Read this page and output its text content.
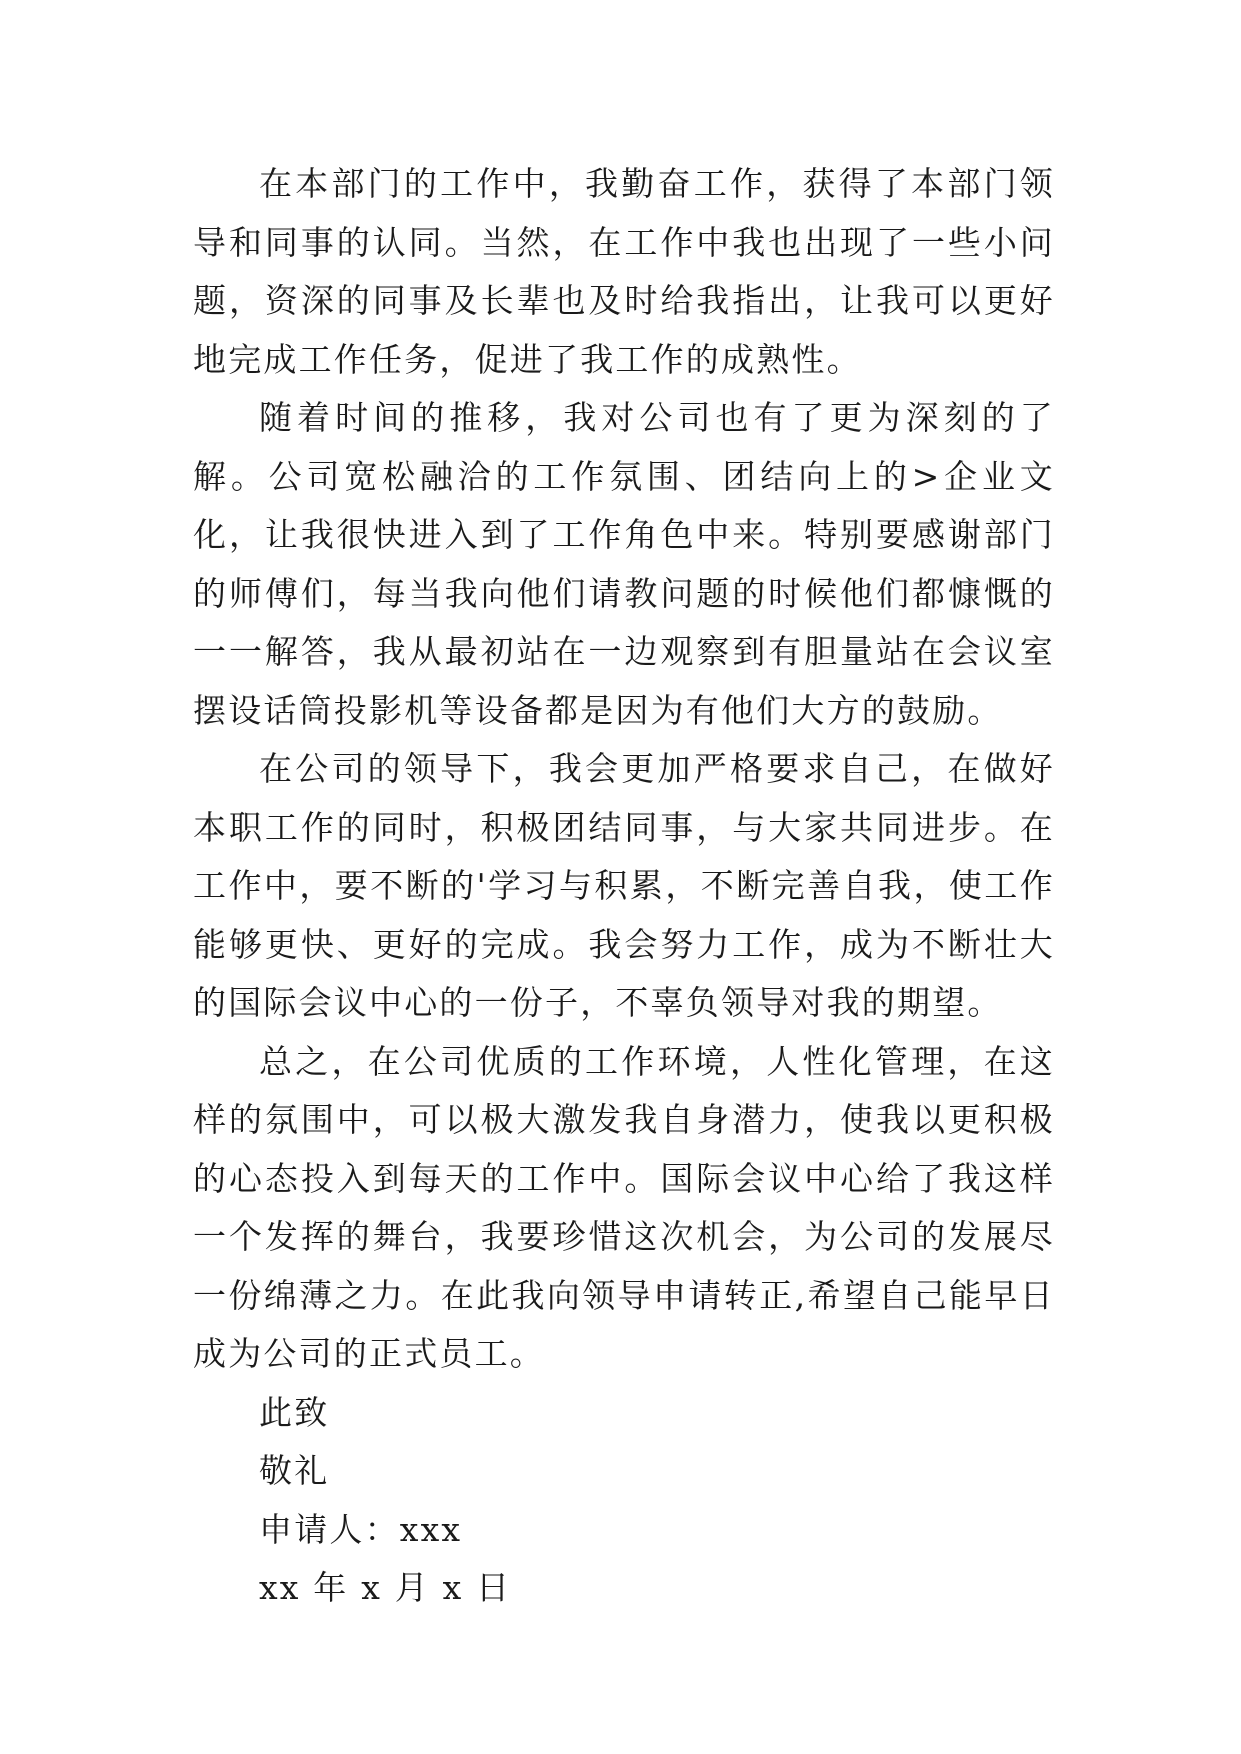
在本部门的工作中，我勤奋工作，获得了本部门领导和同事的认同。当然，在工作中我也出现了一些小问题，资深的同事及长辈也及时给我指出，让我可以更好地完成工作任务，促进了我工作的成熟性。

随着时间的推移，我对公司也有了更为深刻的了解。公司宽松融洽的工作氛围、团结向上的>企业文化，让我很快进入到了工作角色中来。特别要感谢部门的师傅们，每当我向他们请教问题的时候他们都慷慨的一一解答，我从最初站在一边观察到有胆量站在会议室摆设话筒投影机等设备都是因为有他们大方的鼓励。

在公司的领导下，我会更加严格要求自己，在做好本职工作的同时，积极团结同事，与大家共同进步。在工作中，要不断的'学习与积累，不断完善自我，使工作能够更快、更好的完成。我会努力工作，成为不断壮大的国际会议中心的一份子，不辜负领导对我的期望。

总之，在公司优质的工作环境，人性化管理，在这样的氛围中，可以极大激发我自身潜力，使我以更积极的心态投入到每天的工作中。国际会议中心给了我这样一个发挥的舞台，我要珍惜这次机会，为公司的发展尽一份绵薄之力。在此我向领导申请转正,希望自己能早日成为公司的正式员工。

此致

敬礼

申请人：xxx

xx 年 x 月 x 日
